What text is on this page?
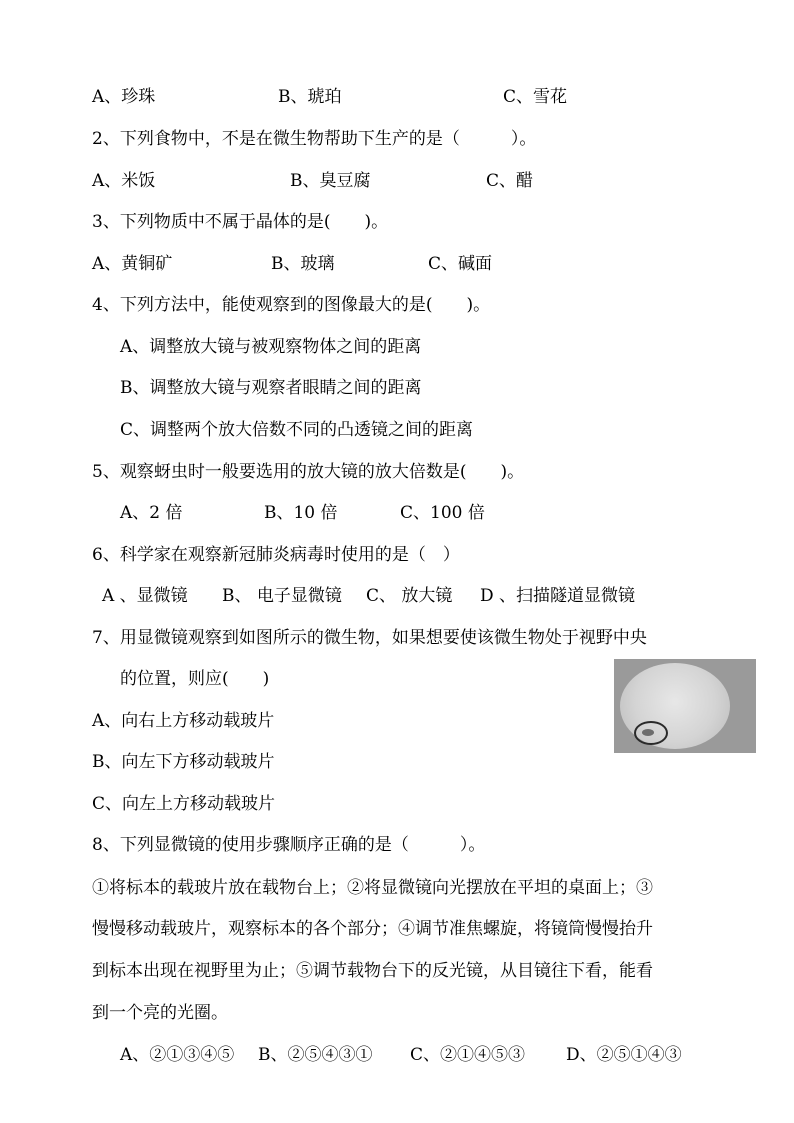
A、珍珠	B、琥珀	C、雪花
2、下列食物中，不是在微生物帮助下生产的是（　　　）。
A、米饭	B、臭豆腐	C、醋
3、下列物质中不属于晶体的是(　　)。
A、黄铜矿	B、玻璃	C、碱面
4、下列方法中，能使观察到的图像最大的是(　　)。
A、调整放大镜与被观察物体之间的距离
B、调整放大镜与观察者眼睛之间的距离
C、调整两个放大倍数不同的凸透镜之间的距离
5、观察蚜虫时一般要选用的放大镜的放大倍数是(　　)。
A、2 倍	B、10 倍	C、100 倍
6、科学家在观察新冠肺炎病毒时使用的是（　）
A 、显微镜 B、 电子显微镜 C、 放大镜 D 、扫描隧道显微镜
7、用显微镜观察到如图所示的微生物，如果想要使该微生物处于视野中央
的位置，则应(　　)
A、向右上方移动载玻片
B、向左下方移动载玻片
C、向左上方移动载玻片
8、下列显微镜的使用步骤顺序正确的是（　　　）。
①将标本的载玻片放在载物台上；②将显微镜向光摆放在平坦的桌面上；③
慢慢移动载玻片，观察标本的各个部分；④调节准焦螺旋，将镜筒慢慢抬升
到标本出现在视野里为止；⑤调节载物台下的反光镜，从目镜往下看，能看
到一个亮的光圈。
A、②①③④⑤ B、②⑤④③① C、②①④⑤③ D、②⑤①④③
